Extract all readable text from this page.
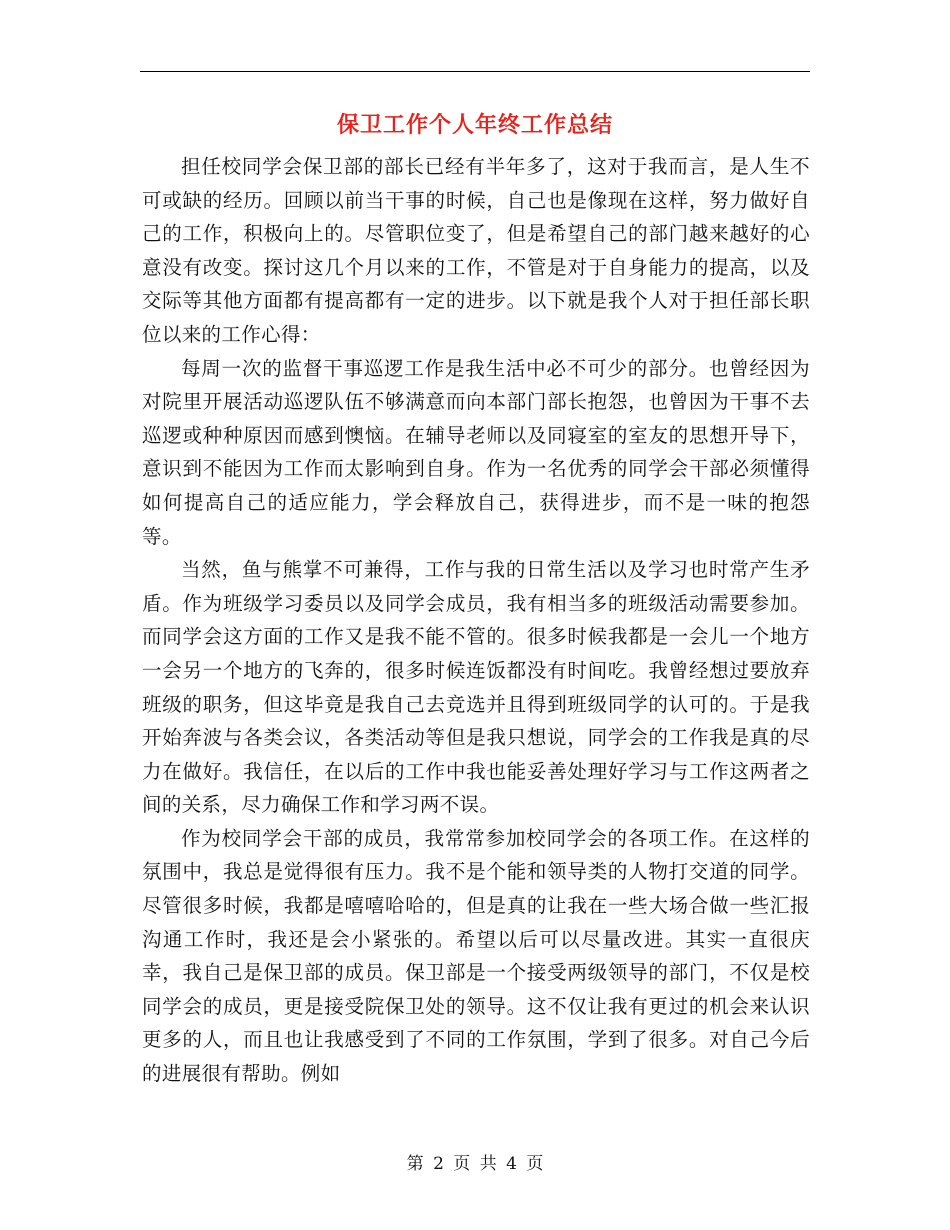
保卫工作个人年终工作总结

担任校同学会保卫部的部长已经有半年多了，这对于我而言，是人生不可或缺的经历。回顾以前当干事的时候，自己也是像现在这样，努力做好自己的工作，积极向上的。尽管职位变了，但是希望自己的部门越来越好的心意没有改变。探讨这几个月以来的工作，不管是对于自身能力的提高，以及交际等其他方面都有提高都有一定的进步。以下就是我个人对于担任部长职位以来的工作心得：

每周一次的监督干事巡逻工作是我生活中必不可少的部分。也曾经因为对院里开展活动巡逻队伍不够满意而向本部门部长抱怨，也曾因为干事不去巡逻或种种原因而感到懊恼。在辅导老师以及同寝室的室友的思想开导下，意识到不能因为工作而太影响到自身。作为一名优秀的同学会干部必须懂得如何提高自己的适应能力，学会释放自己，获得进步，而不是一味的抱怨等。

当然，鱼与熊掌不可兼得，工作与我的日常生活以及学习也时常产生矛盾。作为班级学习委员以及同学会成员，我有相当多的班级活动需要参加。而同学会这方面的工作又是我不能不管的。很多时候我都是一会儿一个地方一会另一个地方的飞奔的，很多时候连饭都没有时间吃。我曾经想过要放弃班级的职务，但这毕竟是我自己去竞选并且得到班级同学的认可的。于是我开始奔波与各类会议，各类活动等但是我只想说，同学会的工作我是真的尽力在做好。我信任，在以后的工作中我也能妥善处理好学习与工作这两者之间的关系，尽力确保工作和学习两不误。

作为校同学会干部的成员，我常常参加校同学会的各项工作。在这样的氛围中，我总是觉得很有压力。我不是个能和领导类的人物打交道的同学。尽管很多时候，我都是嘻嘻哈哈的，但是真的让我在一些大场合做一些汇报沟通工作时，我还是会小紧张的。希望以后可以尽量改进。其实一直很庆幸，我自己是保卫部的成员。保卫部是一个接受两级领导的部门，不仅是校同学会的成员，更是接受院保卫处的领导。这不仅让我有更过的机会来认识更多的人，而且也让我感受到了不同的工作氛围，学到了很多。对自己今后的进展很有帮助。例如

第 2 页 共 4 页
